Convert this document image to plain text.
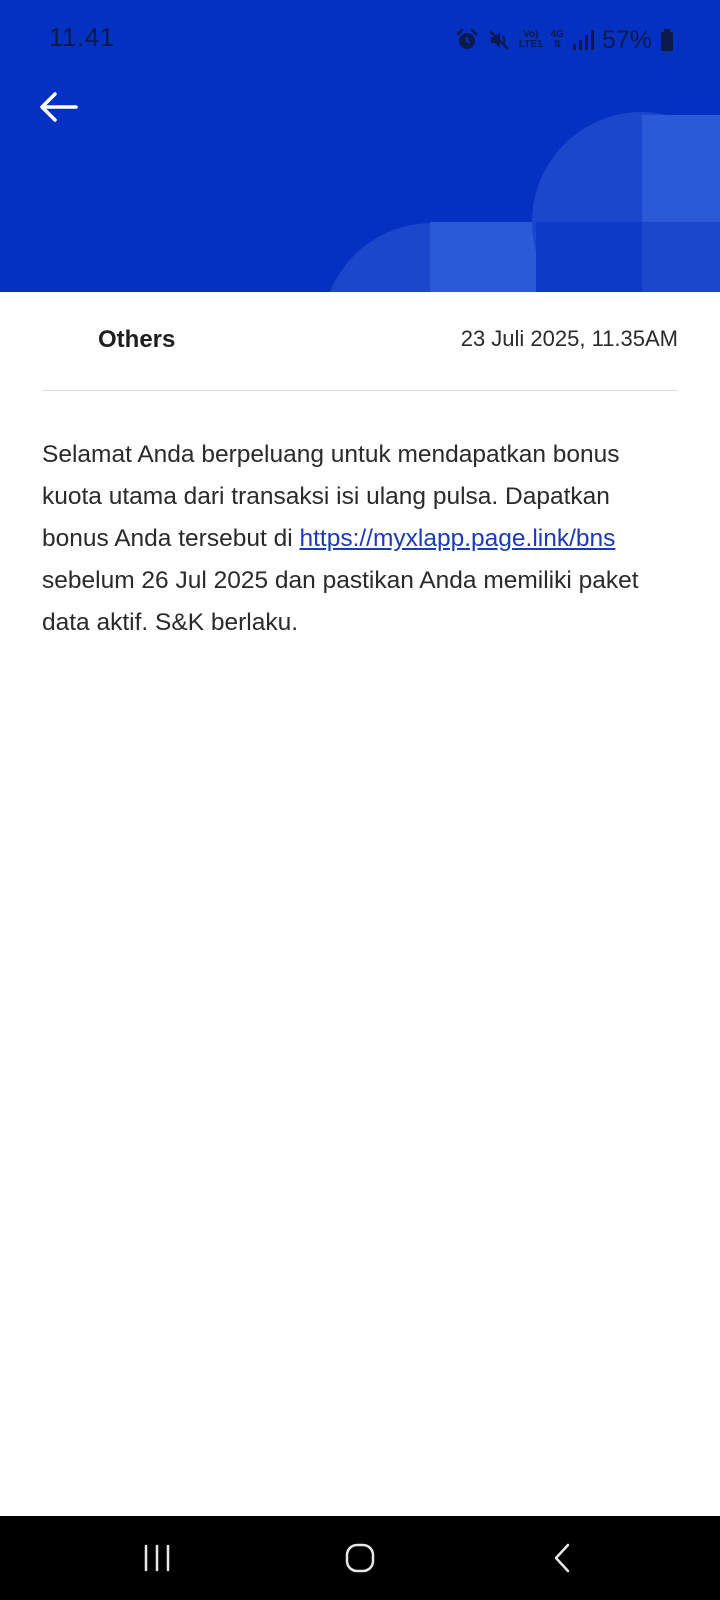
11.41	Vo)
LTE1
4G
⇅ 57%
Others	23 Juli 2025, 11.35AM

Selamat Anda berpeluang untuk mendapatkan bonus kuota utama dari transaksi isi ulang pulsa. Dapatkan bonus Anda tersebut di https://myxlapp.page.link/bns sebelum 26 Jul 2025 dan pastikan Anda memiliki paket data aktif. S&K berlaku.
